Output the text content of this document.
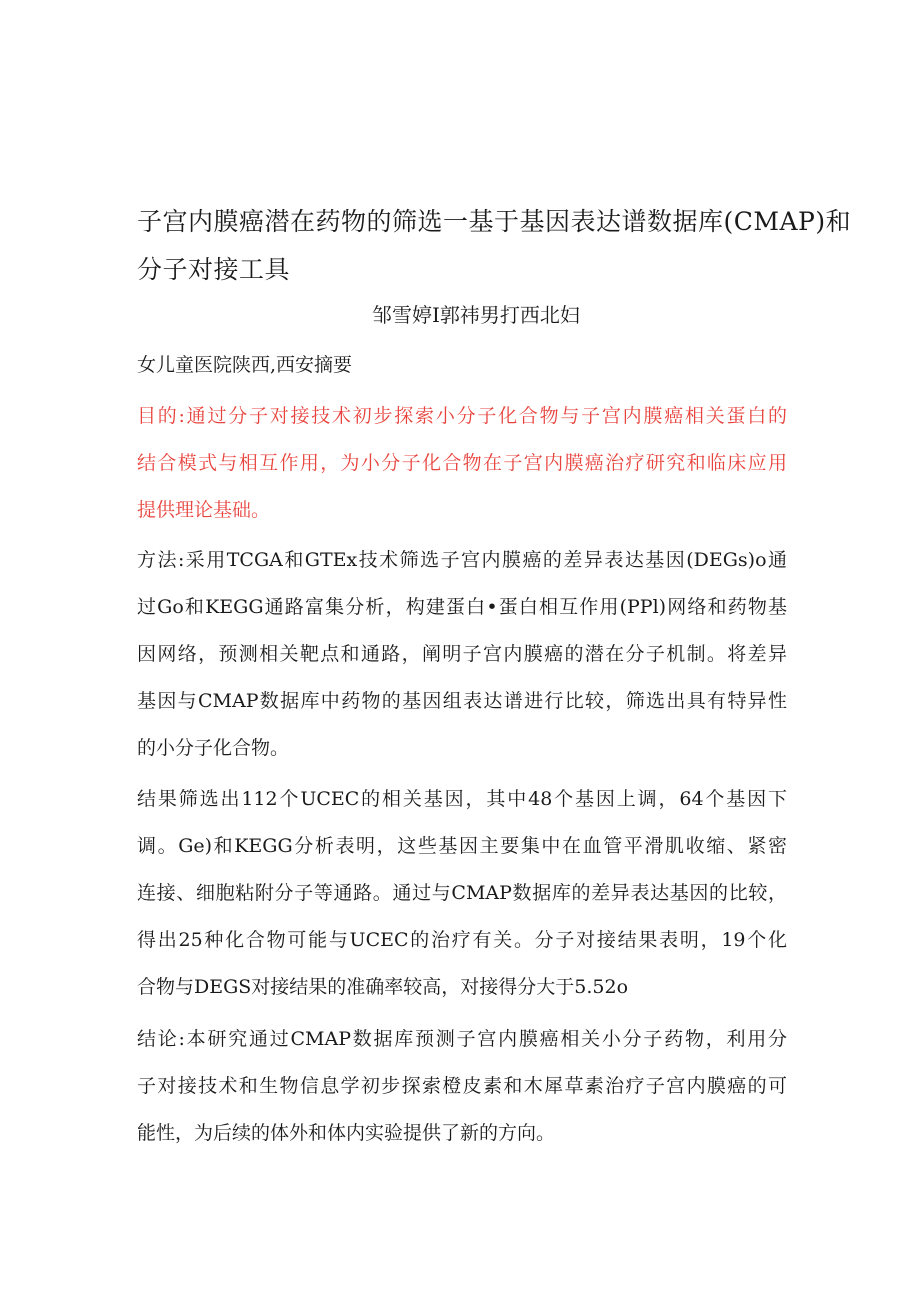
子宫内膜癌潜在药物的筛选一基于基因表达谱数据库(CMAP)和
分子对接工具
邹雪婷I郭祎男打西北妇
女儿童医院陕西,西安摘要
目的:通过分子对接技术初步探索小分子化合物与子宫内膜癌相关蛋白的
结合模式与相互作用，为小分子化合物在子宫内膜癌治疗研究和临床应用
提供理论基础。
方法:采用TCGA和GTEx技术筛选子宫内膜癌的差异表达基因(DEGs)o通
过Go和KEGG通路富集分析，构建蛋白•蛋白相互作用(PPl)网络和药物基
因网络，预测相关靶点和通路，阐明子宫内膜癌的潜在分子机制。将差异
基因与CMAP数据库中药物的基因组表达谱进行比较，筛选出具有特异性
的小分子化合物。
结果筛选出112个UCEC的相关基因，其中48个基因上调，64个基因下
调。Ge)和KEGG分析表明，这些基因主要集中在血管平滑肌收缩、紧密
连接、细胞粘附分子等通路。通过与CMAP数据库的差异表达基因的比较，
得出25种化合物可能与UCEC的治疗有关。分子对接结果表明，19个化
合物与DEGS对接结果的准确率较高，对接得分大于5.52o
结论:本研究通过CMAP数据库预测子宫内膜癌相关小分子药物，利用分
子对接技术和生物信息学初步探索橙皮素和木犀草素治疗子宫内膜癌的可
能性，为后续的体外和体内实验提供了新的方向。
